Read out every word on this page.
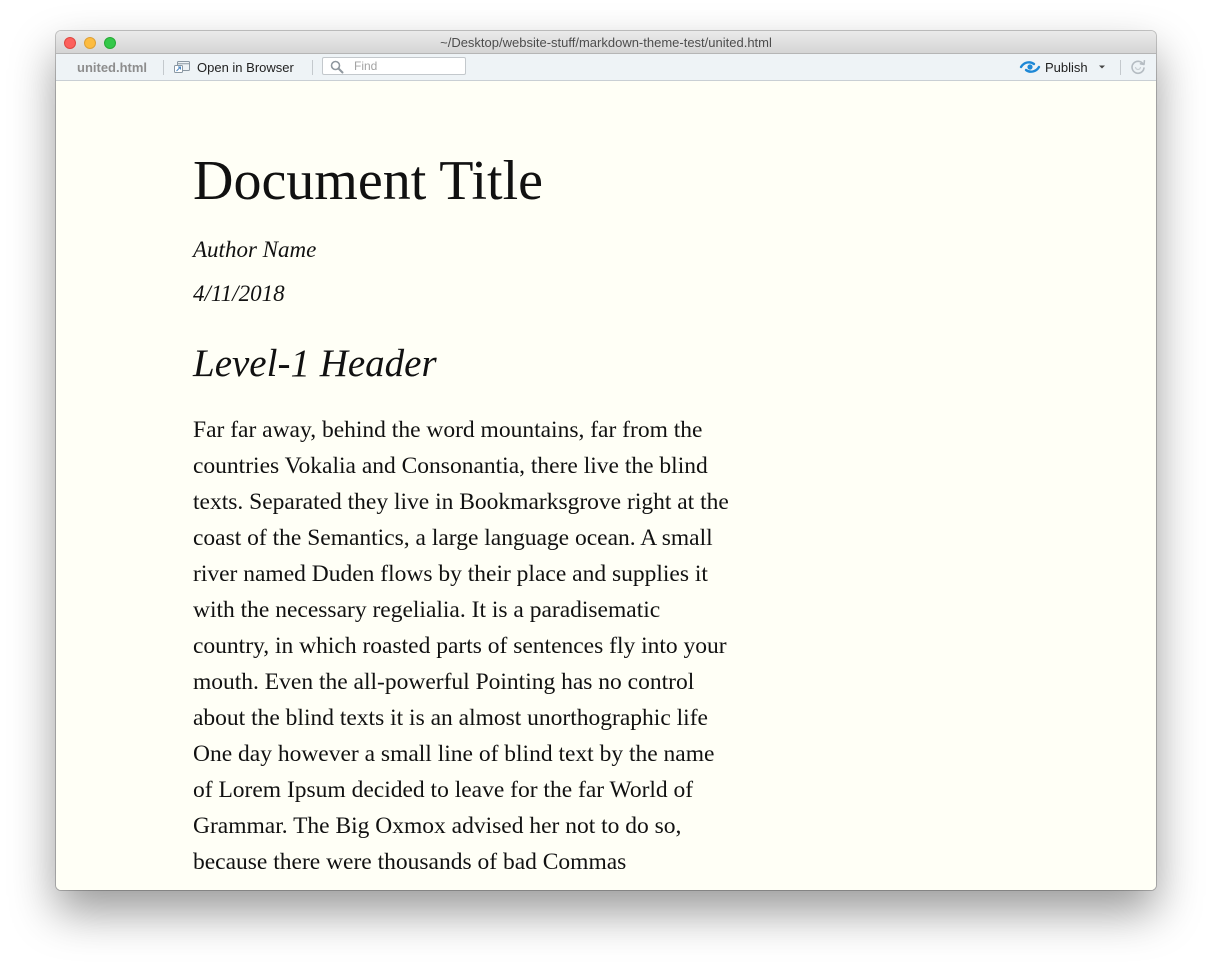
~/Desktop/website-stuff/markdown-theme-test/united.html
united.html	Open in Browser
Find	Publish
Document Title
Author Name
4/11/2018
Level-1 Header

Far far away, behind the word mountains, far from the countries Vokalia and Consonantia, there live the blind texts. Separated they live in Bookmarksgrove right at the coast of the Semantics, a large language ocean. A small river named Duden flows by their place and supplies it with the necessary regelialia. It is a paradisematic country, in which roasted parts of sentences fly into your mouth. Even the all-powerful Pointing has no control about the blind texts it is an almost unorthographic life One day however a small line of blind text by the name of Lorem Ipsum decided to leave for the far World of Grammar. The Big Oxmox advised her not to do so, because there were thousands of bad Commas
